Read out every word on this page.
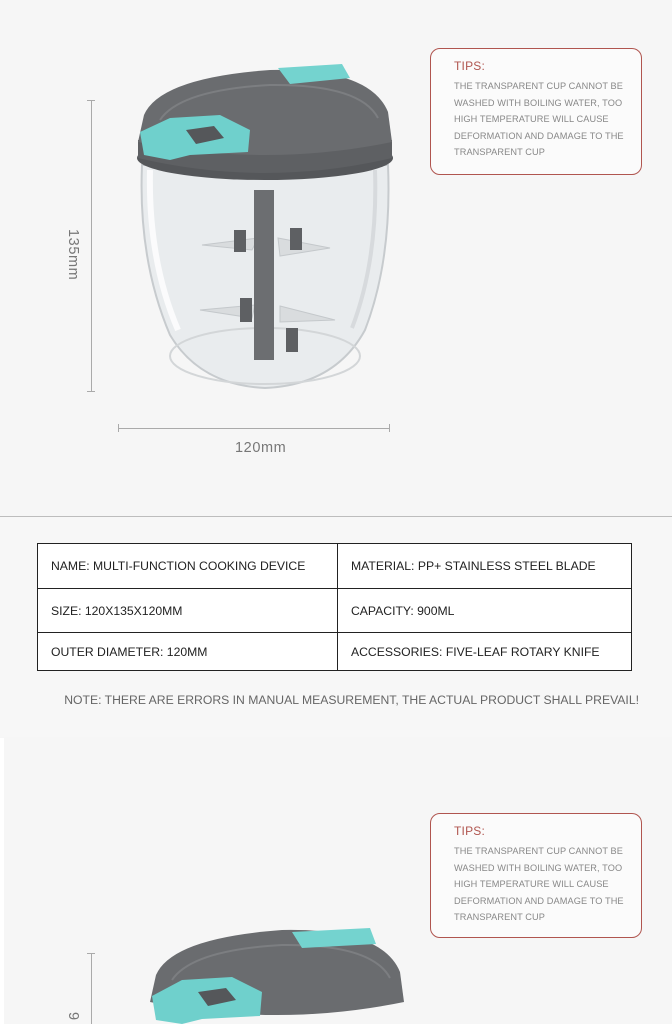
135mm
120mm
TIPS:
THE TRANSPARENT CUP CANNOT BE WASHED WITH BOILING WATER, TOO HIGH TEMPERATURE WILL CAUSE DEFORMATION AND DAMAGE TO THE TRANSPARENT CUP
NAME: MULTI-FUNCTION COOKING DEVICE	MATERIAL: PP+ STAINLESS STEEL BLADE
SIZE: 120X135X120MM	CAPACITY: 900ML
OUTER DIAMETER: 120MM	ACCESSORIES: FIVE-LEAF ROTARY KNIFE
NOTE: THERE ARE ERRORS IN MANUAL MEASUREMENT, THE ACTUAL PRODUCT SHALL PREVAIL!
TIPS:
THE TRANSPARENT CUP CANNOT BE WASHED WITH BOILING WATER, TOO HIGH TEMPERATURE WILL CAUSE DEFORMATION AND DAMAGE TO THE TRANSPARENT CUP
9
